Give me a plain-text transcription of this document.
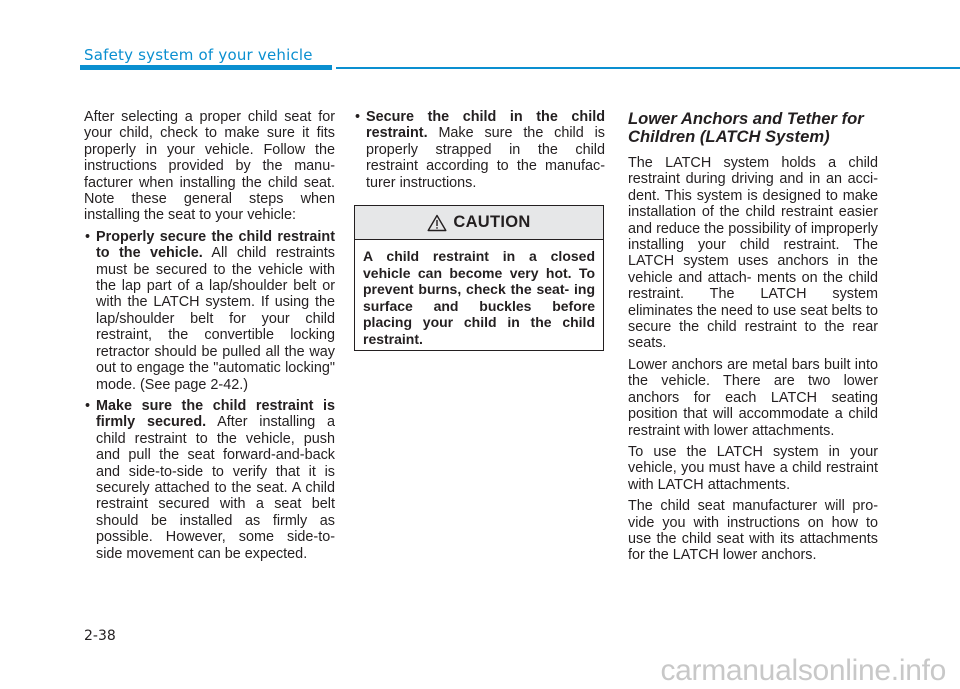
Safety system of your vehicle

After selecting a proper child seat for your child, check to make sure it fits properly in your vehicle. Follow the instructions provided by the manu- facturer when installing the child seat. Note these general steps when installing the seat to your vehicle:

• Properly secure the child restraint to the vehicle. All child restraints must be secured to the vehicle with the lap part of a lap/shoulder belt or with the LATCH system. If using the lap/shoulder belt for your child restraint, the convertible locking retractor should be pulled all the way out to engage the "automatic locking" mode. (See page 2-42.)

• Make sure the child restraint is firmly secured. After installing a child restraint to the vehicle, push and pull the seat forward-and-back and side-to-side to verify that it is securely attached to the seat. A child restraint secured with a seat belt should be installed as firmly as possible. However, some side-to- side movement can be expected.

• Secure the child in the child restraint. Make sure the child is properly strapped in the child restraint according to the manufac- turer instructions.

CAUTION
A child restraint in a closed vehicle can become very hot. To prevent burns, check the seat- ing surface and buckles before placing your child in the child restraint.
Lower Anchors and Tether for Children (LATCH System)

The LATCH system holds a child restraint during driving and in an acci- dent. This system is designed to make installation of the child restraint easier and reduce the possibility of improperly installing your child restraint. The LATCH system uses anchors in the vehicle and attach- ments on the child restraint. The LATCH system eliminates the need to use seat belts to secure the child restraint to the rear seats.

Lower anchors are metal bars built into the vehicle. There are two lower anchors for each LATCH seating position that will accommodate a child restraint with lower attachments.

To use the LATCH system in your vehicle, you must have a child restraint with LATCH attachments.

The child seat manufacturer will pro- vide you with instructions on how to use the child seat with its attachments for the LATCH lower anchors.

2-38
carmanualsonline.info
